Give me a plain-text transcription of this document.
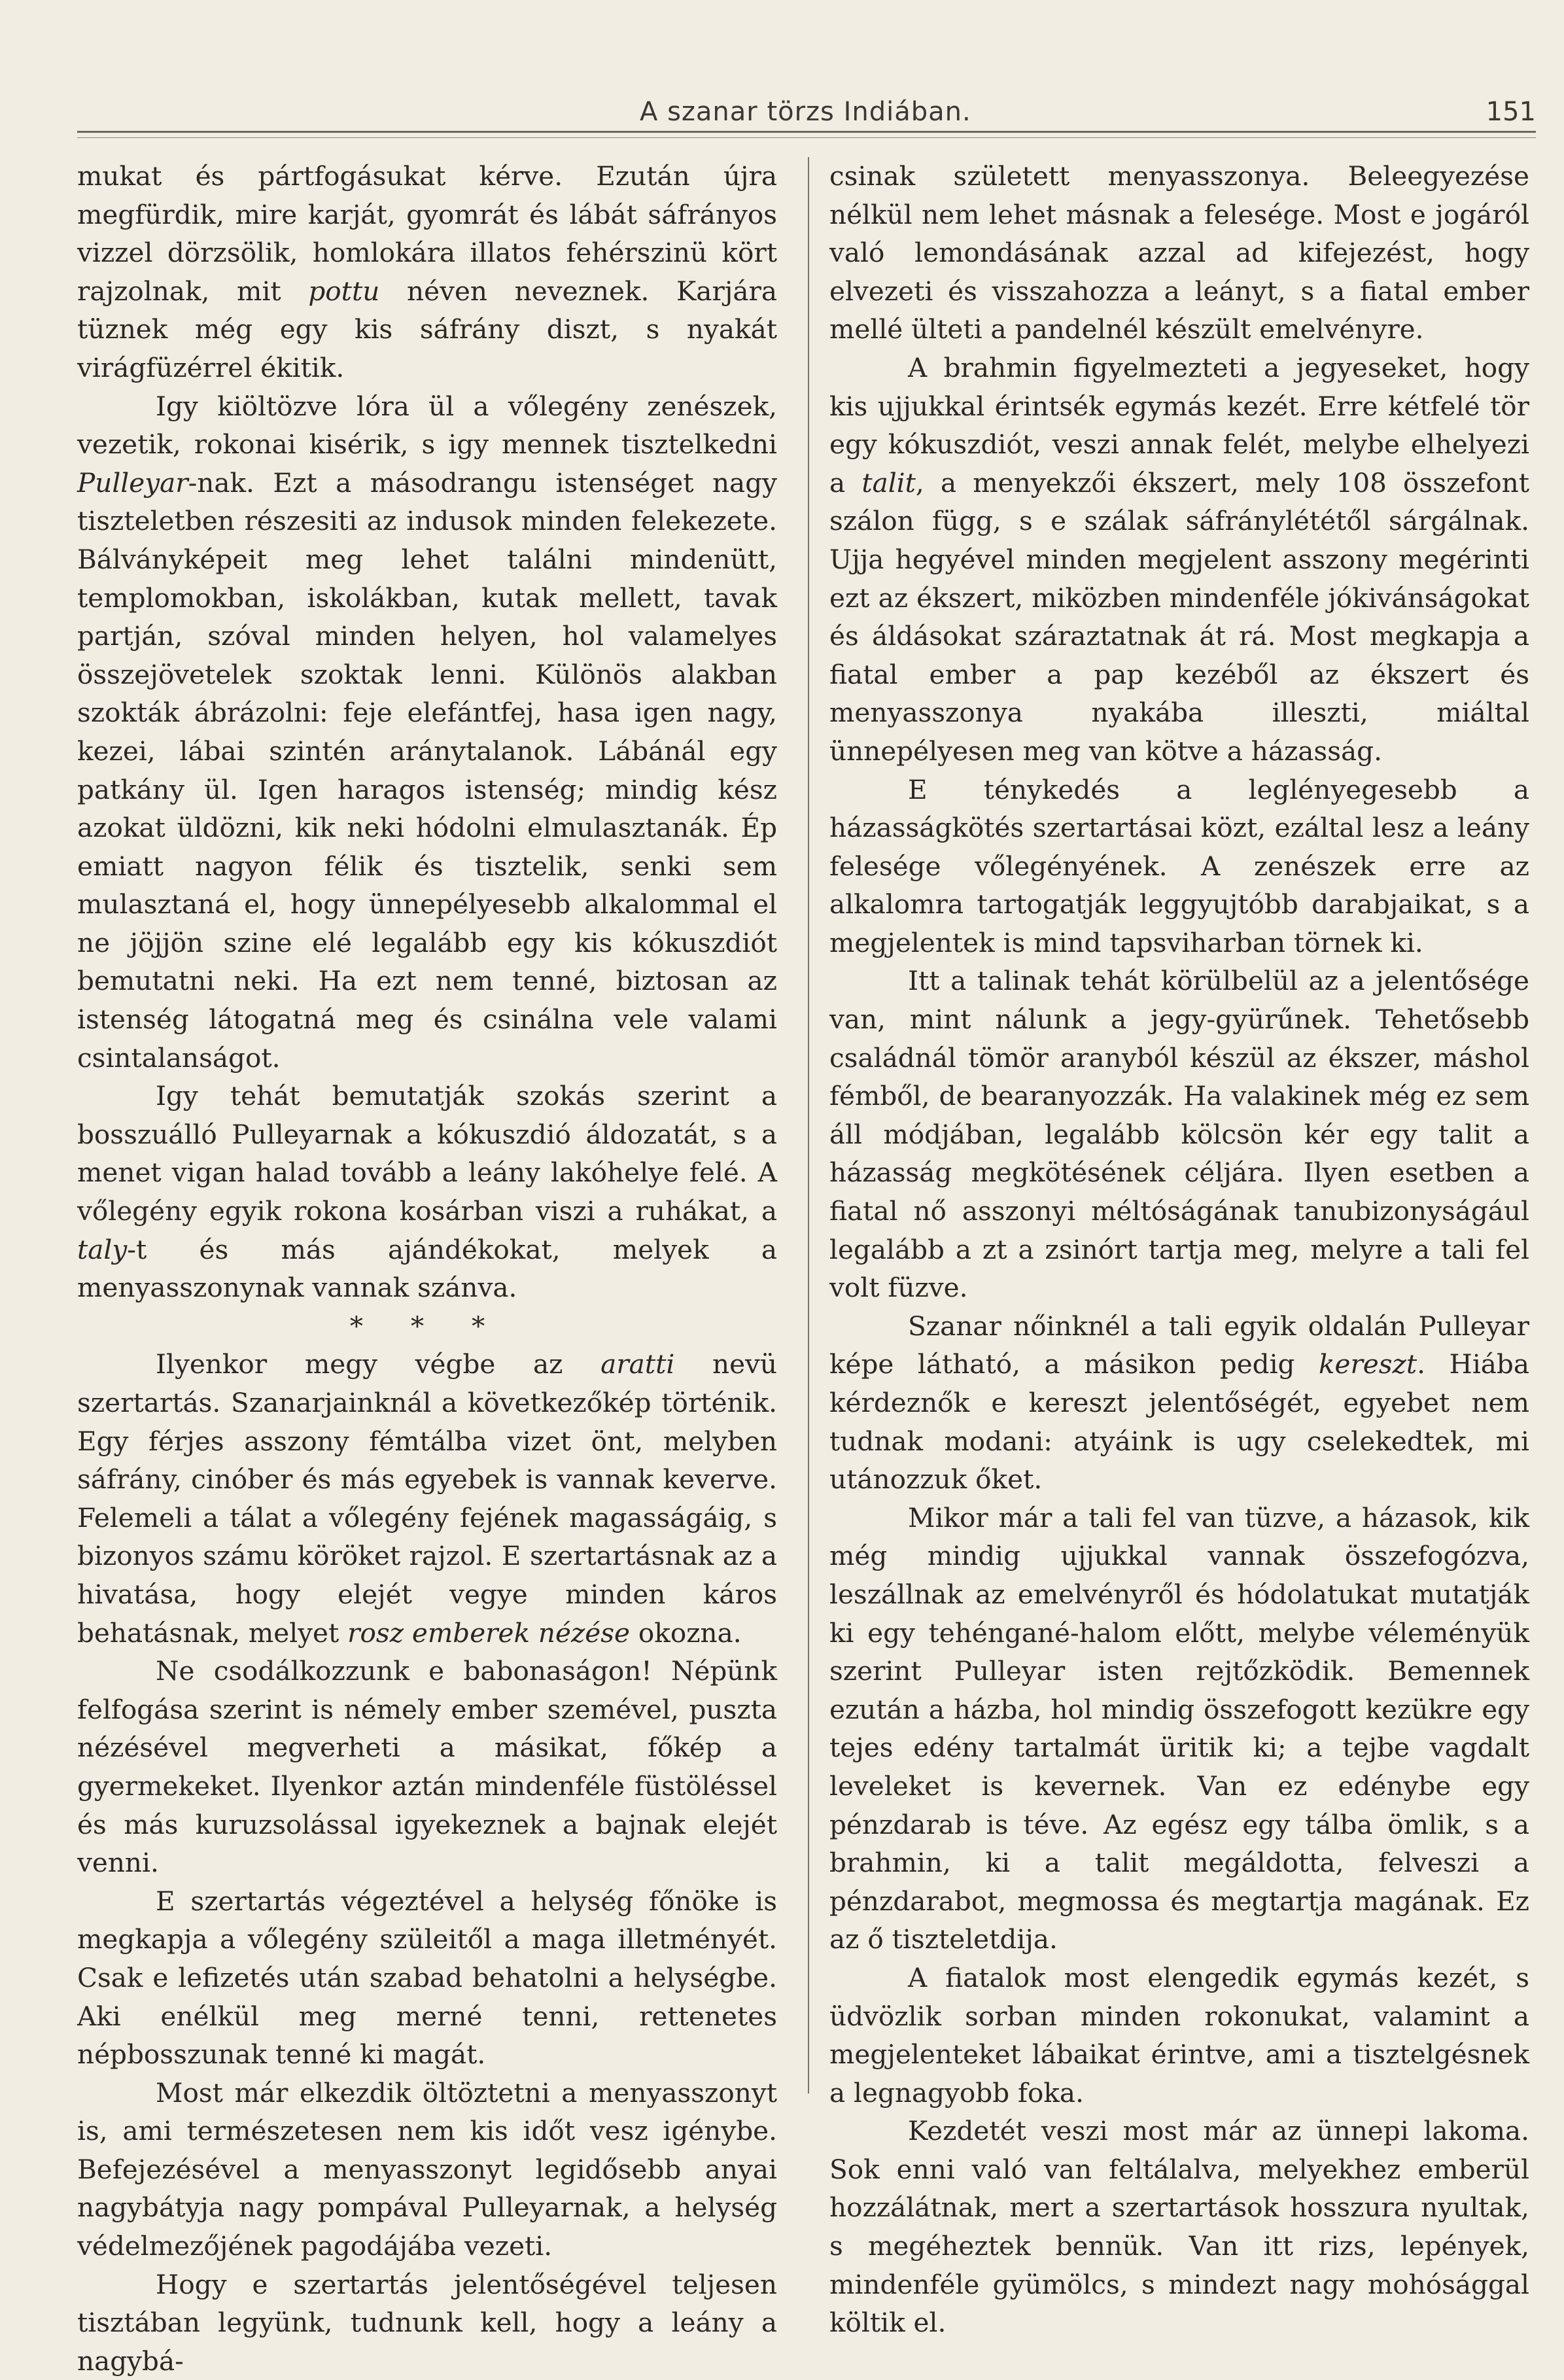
A szanar törzs Indiában.	151

mukat és pártfogásukat kérve. Ezután újra megfürdik, mire karját, gyomrát és lábát sáfrányos vizzel dörzsölik, homlokára illatos fehérszinü kört rajzolnak, mit pottu néven neveznek. Karjára tüznek még egy kis sáfrány diszt, s nyakát virágfüzérrel ékitik.

Igy kiöltözve lóra ül a vőlegény zenészek, vezetik, rokonai kisérik, s igy mennek tisztelkedni Pulleyar-nak. Ezt a másodrangu istenséget nagy tiszteletben részesiti az indusok minden felekezete. Bálványképeit meg lehet találni mindenütt, templomokban, iskolákban, kutak mellett, tavak partján, szóval minden helyen, hol valamelyes összejövetelek szoktak lenni. Különös alakban szokták ábrázolni: feje elefántfej, hasa igen nagy, kezei, lábai szintén aránytalanok. Lábánál egy patkány ül. Igen haragos istenség; mindig kész azokat üldözni, kik neki hódolni elmulasztanák. Ép emiatt nagyon félik és tisztelik, senki sem mulasztaná el, hogy ünnepélyesebb alkalommal el ne jöjjön szine elé legalább egy kis kókuszdiót bemutatni neki. Ha ezt nem tenné, biztosan az istenség látogatná meg és csinálna vele valami csintalanságot.

Igy tehát bemutatják szokás szerint a bosszuálló Pulleyarnak a kókuszdió áldozatát, s a menet vigan halad tovább a leány lakóhelye felé. A vőlegény egyik rokona kosárban viszi a ruhákat, a taly-t és más ajándékokat, melyek a menyasszonynak vannak szánva.

* * *

Ilyenkor megy végbe az aratti nevü szertartás. Szanarjainknál a következőkép történik. Egy férjes asszony fémtálba vizet önt, melyben sáfrány, cinóber és más egyebek is vannak keverve. Felemeli a tálat a vőlegény fejének magasságáig, s bizonyos számu köröket rajzol. E szertartásnak az a hivatása, hogy elejét vegye minden káros behatásnak, melyet rosz emberek nézése okozna.

Ne csodálkozzunk e babonaságon! Népünk felfogása szerint is némely ember szemével, puszta nézésével megverheti a másikat, főkép a gyermekeket. Ilyenkor aztán mindenféle füstöléssel és más kuruzsolással igyekeznek a bajnak elejét venni.

E szertartás végeztével a helység főnöke is megkapja a vőlegény szüleitől a maga illetményét. Csak e lefizetés után szabad behatolni a helységbe. Aki enélkül meg merné tenni, rettenetes népbosszunak tenné ki magát.

Most már elkezdik öltöztetni a menyasszonyt is, ami természetesen nem kis időt vesz igénybe. Befejezésével a menyasszonyt legidősebb anyai nagybátyja nagy pompával Pulleyarnak, a helység védelmezőjének pagodájába vezeti.

Hogy e szertartás jelentőségével teljesen tisztában legyünk, tudnunk kell, hogy a leány a nagybá-

csinak született menyasszonya. Beleegyezése nélkül nem lehet másnak a felesége. Most e jogáról való lemondásának azzal ad kifejezést, hogy elvezeti és visszahozza a leányt, s a fiatal ember mellé ülteti a pandelnél készült emelvényre.

A brahmin figyelmezteti a jegyeseket, hogy kis ujjukkal érintsék egymás kezét. Erre kétfelé tör egy kókuszdiót, veszi annak felét, melybe elhelyezi a talit, a menyekzői ékszert, mely 108 összefont szálon függ, s e szálak sáfránylététől sárgálnak. Ujja hegyével minden megjelent asszony megérinti ezt az ékszert, miközben mindenféle jókivánságokat és áldásokat száraztatnak át rá. Most megkapja a fiatal ember a pap kezéből az ékszert és menyasszonya nyakába illeszti, miáltal ünnepélyesen meg van kötve a házasság.

E ténykedés a leglényegesebb a házasságkötés szertartásai közt, ezáltal lesz a leány felesége vőlegényének. A zenészek erre az alkalomra tartogatják leggyujtóbb darabjaikat, s a megjelentek is mind tapsviharban törnek ki.

Itt a talinak tehát körülbelül az a jelentősége van, mint nálunk a jegy-gyürűnek. Tehetősebb családnál tömör aranyból készül az ékszer, máshol fémből, de bearanyozzák. Ha valakinek még ez sem áll módjában, legalább kölcsön kér egy talit a házasság megkötésének céljára. Ilyen esetben a fiatal nő asszonyi méltóságának tanubizonyságául legalább a zt a zsinórt tartja meg, melyre a tali fel volt füzve.

Szanar nőinknél a tali egyik oldalán Pulleyar képe látható, a másikon pedig kereszt. Hiába kérdeznők e kereszt jelentőségét, egyebet nem tudnak modani: atyáink is ugy cselekedtek, mi utánozzuk őket.

Mikor már a tali fel van tüzve, a házasok, kik még mindig ujjukkal vannak összefogózva, leszállnak az emelvényről és hódolatukat mutatják ki egy tehéngané-halom előtt, melybe véleményük szerint Pulleyar isten rejtőzködik. Bemennek ezután a házba, hol mindig összefogott kezükre egy tejes edény tartalmát üritik ki; a tejbe vagdalt leveleket is kevernek. Van ez edénybe egy pénzdarab is téve. Az egész egy tálba ömlik, s a brahmin, ki a talit megáldotta, felveszi a pénzdarabot, megmossa és megtartja magának. Ez az ő tiszteletdija.

A fiatalok most elengedik egymás kezét, s üdvözlik sorban minden rokonukat, valamint a megjelenteket lábaikat érintve, ami a tisztelgésnek a legnagyobb foka.

Kezdetét veszi most már az ünnepi lakoma. Sok enni való van feltálalva, melyekhez emberül hozzálátnak, mert a szertartások hosszura nyultak, s megéheztek bennük. Van itt rizs, lepények, mindenféle gyümölcs, s mindezt nagy mohósággal költik el.
